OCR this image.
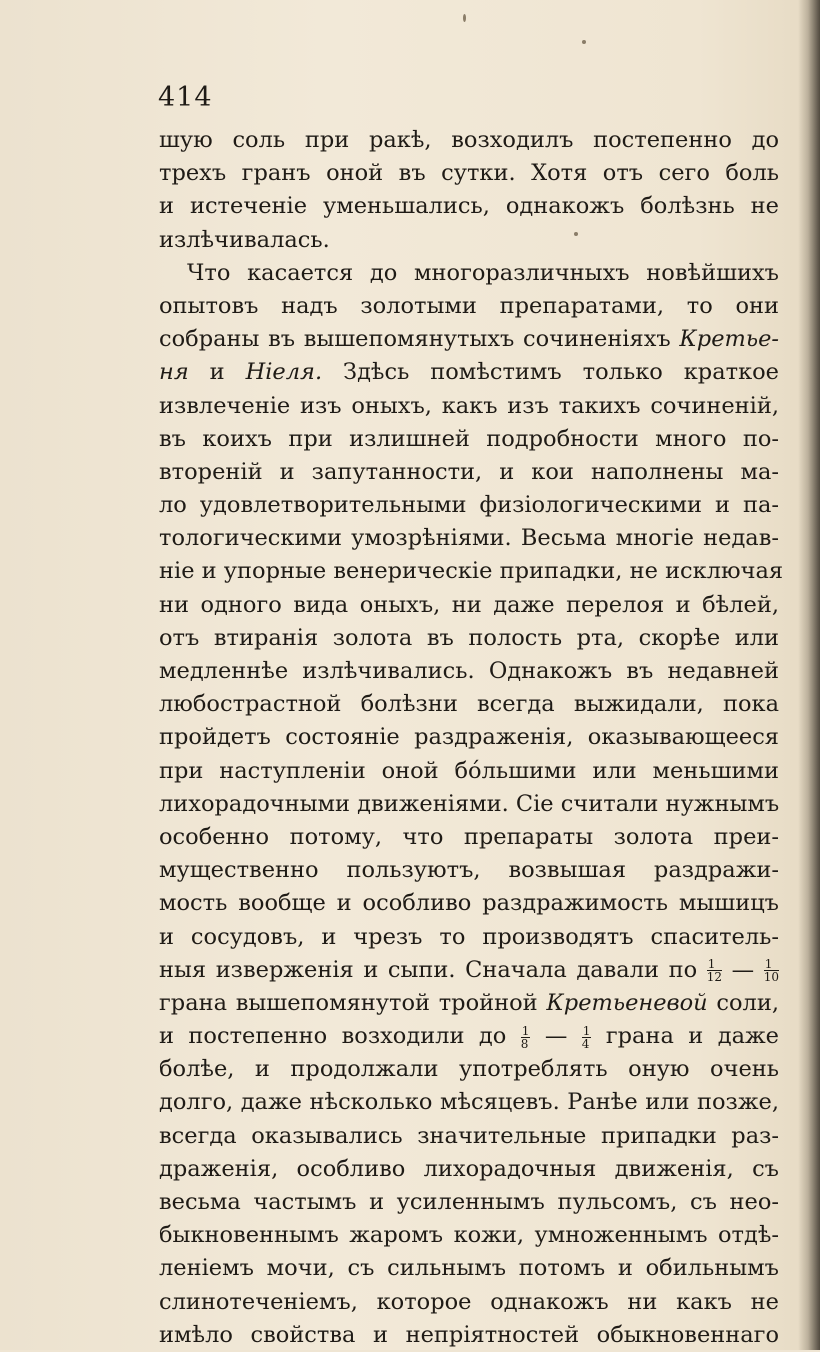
414
шую соль при ракѣ, возходилъ постепенно до
трехъ гранъ оной въ сутки. Хотя отъ сего боль
и истеченіе уменьшались, однакожъ болѣзнь не
излѣчивалась.
Что касается до многоразличныхъ новѣйшихъ
опытовъ надъ золотыми препаратами, то они
собраны въ вышепомянутыхъ сочиненіяхъ Кретье-
ня и Ніеля. Здѣсь помѣстимъ только краткое
извлеченіе изъ оныхъ, какъ изъ такихъ сочиненій,
въ коихъ при излишней подробности много по-
втореній и запутанности, и кои наполнены ма-
ло удовлетворительными физіологическими и па-
тологическими умозрѣніями. Весьма многіе недав-
ніе и упорные венерическіе припадки, не исключая
ни одного вида оныхъ, ни даже перелоя и бѣлей,
отъ втиранія золота въ полость рта, скорѣе или
медленнѣе излѣчивались. Однакожъ въ недавней
любострастной болѣзни всегда выжидали, пока
пройдетъ состояніе раздраженія, оказывающееся
при наступленіи оной бо́льшими или меньшими
лихорадочными движеніями. Сіе считали нужнымъ
особенно потому, что препараты золота преи-
мущественно пользуютъ, возвышая раздражи-
мость вообще и особливо раздражимость мышицъ
и сосудовъ, и чрезъ то производятъ спаситель-
ныя изверженія и сыпи. Сначала давали по $\frac{1}{12}$ — $\frac{1}{10}$
грана вышепомянутой тройной Кретьеневой соли,
и постепенно возходили до $\frac{1}{8}$ — $\frac{1}{4}$ грана и даже
болѣе, и продолжали употреблять оную очень
долго, даже нѣсколько мѣсяцевъ. Ранѣе или позже,
всегда оказывались значительные припадки раз-
драженія, особливо лихорадочныя движенія, съ
весьма частымъ и усиленнымъ пульсомъ, съ нео-
быкновеннымъ жаромъ кожи, умноженнымъ отдѣ-
леніемъ мочи, съ сильнымъ потомъ и обильнымъ
слинотеченіемъ, которое однакожъ ни какъ не
имѣло свойства и непріятностей обыкновеннаго
